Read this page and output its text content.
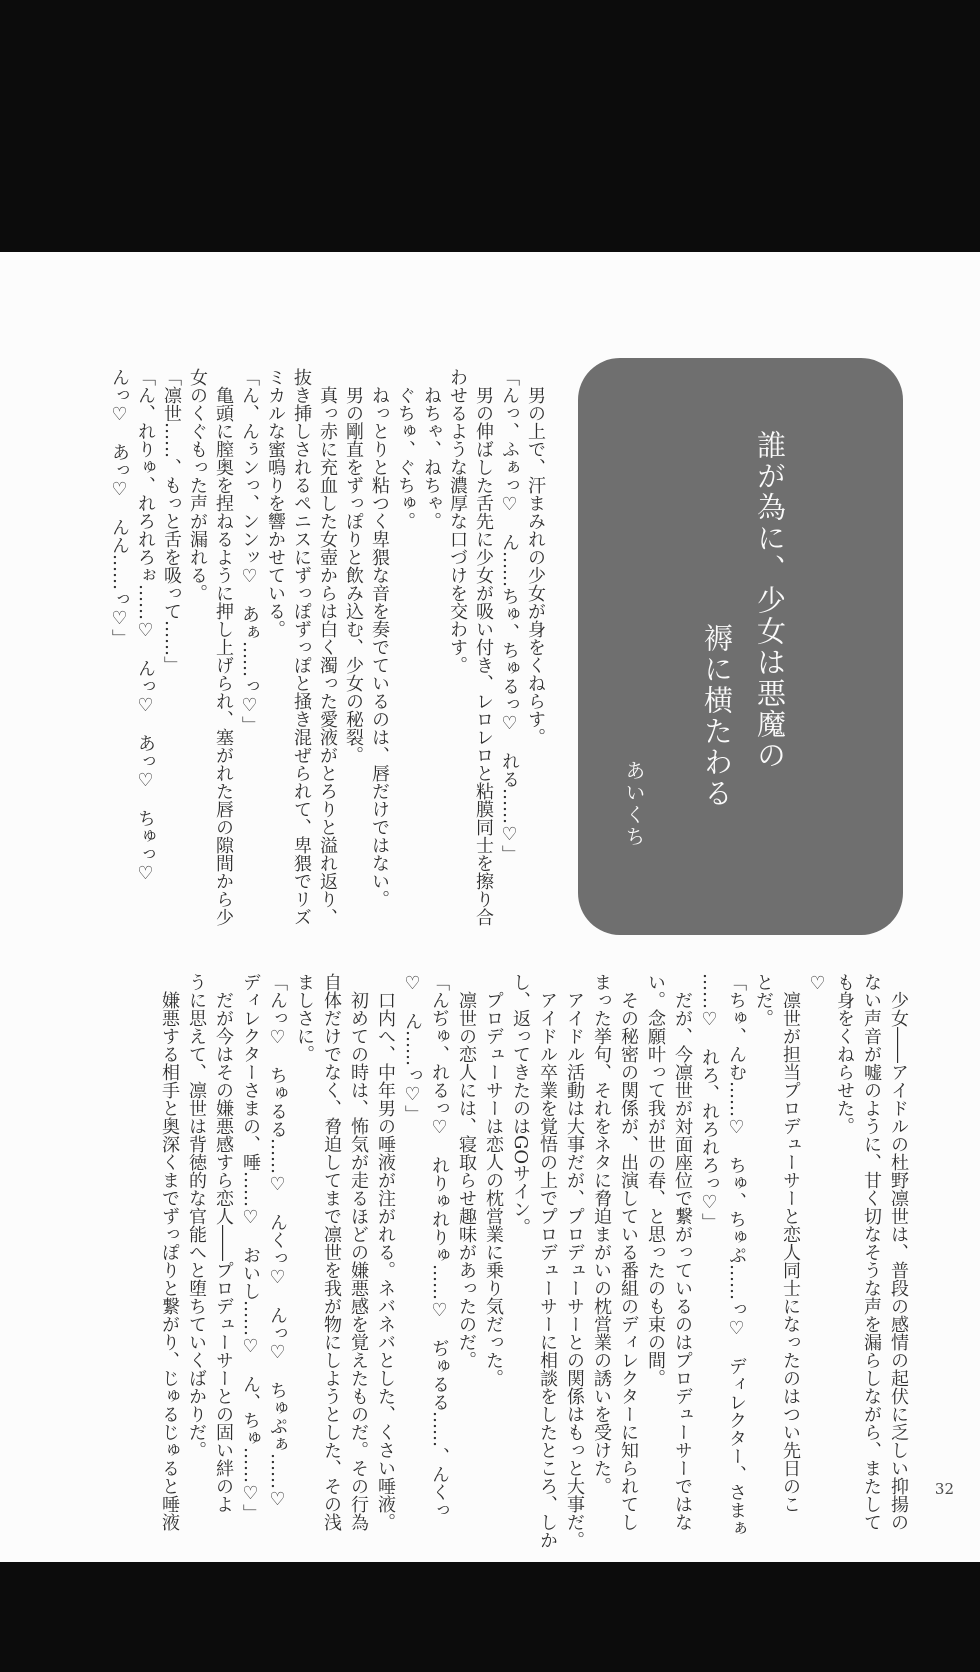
誰が為に、少女は悪魔の
褥に横たわる
あいくち

　男の上で、汗まみれの少女が身をくねらす。

「んっ、ふぁっ♡　ん……ちゅ、ちゅるっ♡　れる……♡」

　男の伸ばした舌先に少女が吸い付き、レロレロと粘膜同士を擦り合

わせるような濃厚な口づけを交わす。

　ねちゃ、ねちゃ。

　ぐちゅ、ぐちゅ。

　ねっとりと粘つく卑猥な音を奏でているのは、唇だけではない。

　男の剛直をずっぽりと飲み込む、少女の秘裂。

　真っ赤に充血した女壺からは白く濁った愛液がとろりと溢れ返り、

抜き挿しされるペニスにずっぽずっぽと掻き混ぜられて、卑猥でリズ

ミカルな蜜鳴りを響かせている。

「ん、んぅンっ、ンンッ♡　あぁ……っ♡」

　亀頭に膣奥を捏ねるように押し上げられ、塞がれた唇の隙間から少

女のくぐもった声が漏れる。

「凛世……、もっと舌を吸って……」

「ん、れりゅ、れろれろぉ……♡　んっ♡　あっ♡　ちゅっ♡

んっ♡　あっ♡　んん……っ♡」

　少女――アイドルの杜野凛世は、普段の感情の起伏に乏しい抑揚の

ない声音が嘘のように、甘く切なそうな声を漏らしながら、またして

も身をくねらせた。

♡

　凛世が担当プロデューサーと恋人同士になったのはつい先日のこ

とだ。

「ちゅ、んむ……♡　ちゅ、ちゅぷ……っ♡　ディレクター、さまぁ

……♡　れろ、れろれろっ♡」

　だが、今凛世が対面座位で繋がっているのはプロデューサーではな

い。念願叶って我が世の春、と思ったのも束の間。

　その秘密の関係が、出演している番組のディレクターに知られてし

まった挙句、それをネタに脅迫まがいの枕営業の誘いを受けた。

　アイドル活動は大事だが、プロデューサーとの関係はもっと大事だ。

　アイドル卒業を覚悟の上でプロデューサーに相談をしたところ、しか

し、返ってきたのはGOサイン。

　プロデューサーは恋人の枕営業に乗り気だった。

　凛世の恋人には、寝取らせ趣味があったのだ。

「んぢゅ、れるっ♡　れりゅれりゅ……♡　ぢゅるる……、んくっ

♡　ん……っ♡」

　口内へ、中年男の唾液が注がれる。ネバネバとした、くさい唾液。

　初めての時は、怖気が走るほどの嫌悪感を覚えたものだ。その行為

自体だけでなく、脅迫してまで凛世を我が物にしようとした、その浅

ましさに。

「んっ♡　ちゅるる……♡　んくっ♡　んっ♡　ちゅぷぁ……♡

ディレクターさまの、唾……♡　おいし……♡　ん、ちゅ……♡」

　だが今はその嫌悪感すら恋人――プロデューサーとの固い絆のよ

うに思えて、凛世は背徳的な官能へと堕ちていくばかりだ。

　嫌悪する相手と奥深くまでずっぽりと繋がり、じゅるじゅると唾液	32
